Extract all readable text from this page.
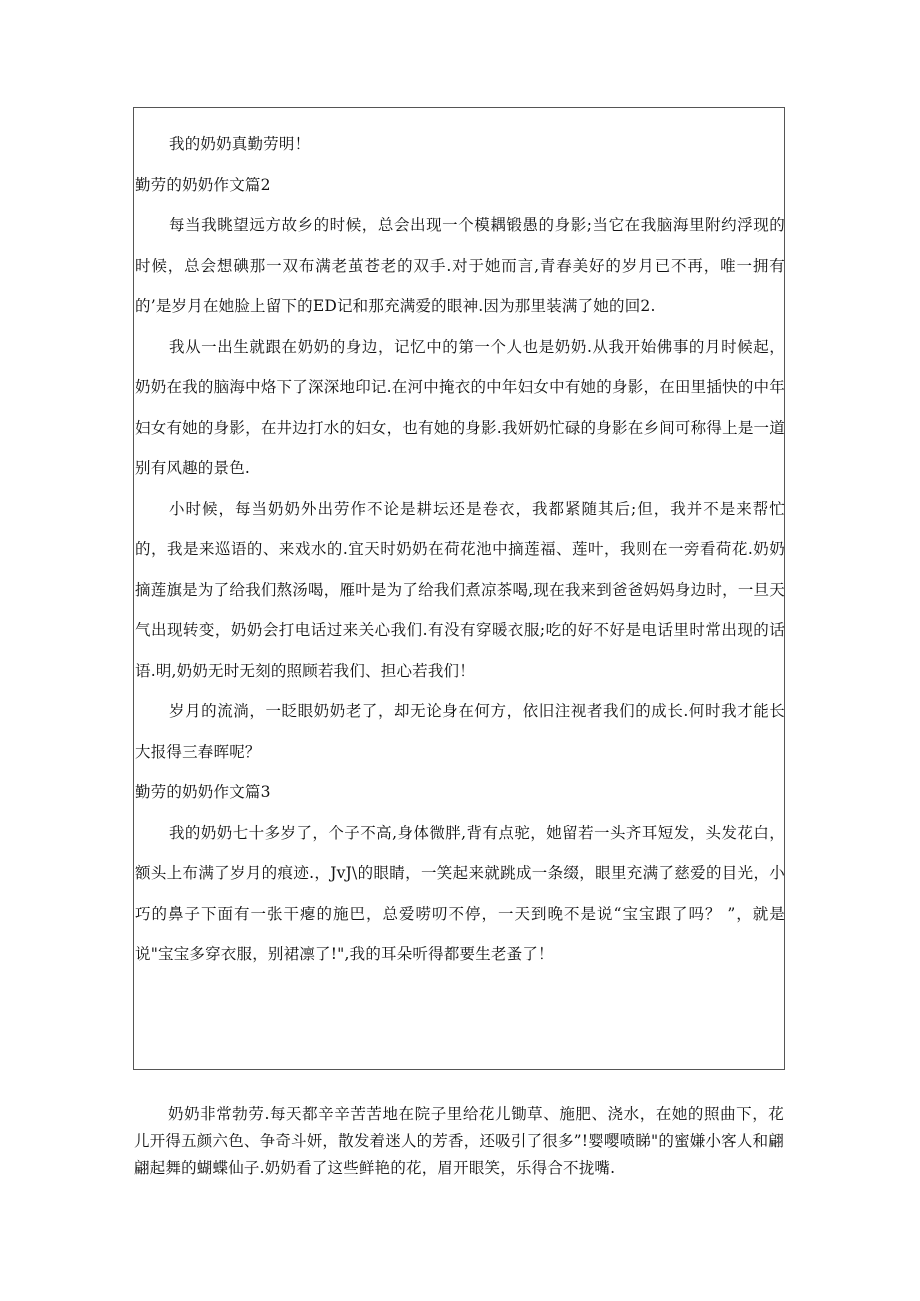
我的奶奶真勤劳明！

勤劳的奶奶作文篇2

每当我眺望远方故乡的时候，总会出现一个模耦锻愚的身影;当它在我脑海里附约浮现的时候，总会想碘那一双布满老茧苍老的双手.对于她而言,青春美好的岁月已不再，唯一拥有的’是岁月在她脸上留下的ED记和那充满爱的眼神.因为那里装满了她的回2.

我从一出生就跟在奶奶的身边，记忆中的第一个人也是奶奶.从我开始佛事的月时候起，奶奶在我的脑海中烙下了深深地印记.在河中掩衣的中年妇女中有她的身影，在田里插快的中年妇女有她的身影，在井边打水的妇女，也有她的身影.我妍奶忙碌的身影在乡间可称得上是一道别有风趣的景色.

小时候，每当奶奶外出劳作不论是耕坛还是卷衣，我都紧随其后;但，我并不是来帮忙的，我是来巡语的、来戏水的.宜天时奶奶在荷花池中摘莲福、莲叶，我则在一旁看荷花.奶奶摘莲旗是为了给我们熬汤喝，雁叶是为了给我们煮凉茶喝,现在我来到爸爸妈妈身边时，一旦天气出现转变，奶奶会打电话过来关心我们.有没有穿暖衣服;吃的好不好是电话里时常出现的话语.明,奶奶无时无刻的照顾若我们、担心若我们！

岁月的流淌，一眨眼奶奶老了，却无论身在何方，依旧注视者我们的成长.何时我才能长大报得三春晖呢？

勤劳的奶奶作文篇3

我的奶奶七十多岁了，个子不高,身体微胖,背有点驼，她留若一头齐耳短发，头发花白，额头上布满了岁月的痕迹.，JvJ\的眼睛，一笑起来就跳成一条缀，眼里充满了慈爱的目光，小巧的鼻子下面有一张干瘪的施巴，总爱唠叨不停，一天到晚不是说“宝宝跟了吗？ ”，就是说"宝宝多穿衣服，别裙凛了!",我的耳朵听得都要生老蚤了！

奶奶非常勃劳.每天都辛辛苦苦地在院子里给花儿锄草、施肥、浇水，在她的照曲下，花儿开得五颜六色、争奇斗妍，散发着迷人的芳香，还吸引了很多”!婴嘤喷睇"的蜜嫌小客人和翩翩起舞的蝴蝶仙子.奶奶看了这些鲜艳的花，眉开眼笑，乐得合不拢嘴.
